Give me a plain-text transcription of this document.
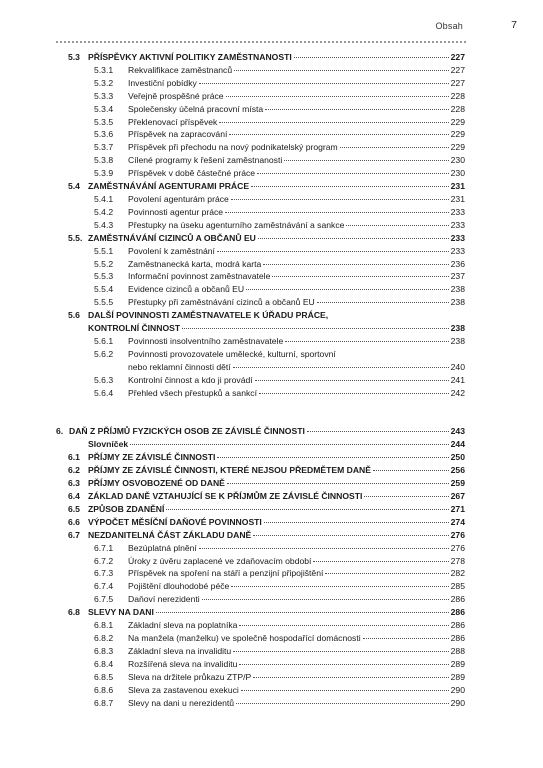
Obsah	7
5.3 PŘÍSPĚVKY AKTIVNÍ POLITIKY ZAMĚSTNANOSTI	227
5.3.1	Rekvalifikace zaměstnanců	227
5.3.2	Investiční pobídky	227
5.3.3	Veřejně prospěšné práce	228
5.3.4	Společensky účelná pracovní místa	228
5.3.5	Překlenovací příspěvek	229
5.3.6	Příspěvek na zapracování	229
5.3.7	Příspěvek při přechodu na nový podnikatelský program	229
5.3.8	Cílené programy k řešení zaměstnanosti	230
5.3.9	Příspěvek v době částečné práce	230
5.4 ZAMĚSTNÁVÁNÍ AGENTURAMI PRÁCE	231
5.4.1	Povolení agenturám práce	231
5.4.2	Povinnosti agentur práce	233
5.4.3	Přestupky na úseku agenturního zaměstnávání a sankce	233
5.5. ZAMĚSTNÁVÁNÍ CIZINCŮ A OBČANŮ EU	233
5.5.1	Povolení k zaměstnání	233
5.5.2	Zaměstnanecká karta, modrá karta	236
5.5.3	Informační povinnost zaměstnavatele	237
5.5.4	Evidence cizinců a občanů EU	238
5.5.5	Přestupky při zaměstnávání cizinců a občanů EU	238
5.6 DALŠÍ POVINNOSTI ZAMĚSTNAVATELE K ÚŘADU PRÁCE,
KONTROLNÍ ČINNOST	238
5.6.1	Povinnosti insolventního zaměstnavatele	238
5.6.2	Povinnosti provozovatele umělecké, kulturní, sportovní
nebo reklamní činnosti dětí	240
5.6.3	Kontrolní činnost a kdo ji provádí	241
5.6.4	Přehled všech přestupků a sankcí	242
6. DAŇ Z PŘÍJMŮ FYZICKÝCH OSOB ZE ZÁVISLÉ ČINNOSTI	243
Slovníček	244
6.1 PŘÍJMY ZE ZÁVISLÉ ČINNOSTI	250
6.2 PŘÍJMY ZE ZÁVISLÉ ČINNOSTI, KTERÉ NEJSOU PŘEDMĚTEM DANĚ	256
6.3 PŘÍJMY OSVOBOZENÉ OD DANĚ	259
6.4 ZÁKLAD DANĚ VZTAHUJÍCÍ SE K PŘÍJMŮM ZE ZÁVISLÉ ČINNOSTI	267
6.5 ZPŮSOB ZDANĚNÍ	271
6.6 VÝPOČET MĚSÍČNÍ DAŇOVÉ POVINNOSTI	274
6.7 NEZDANITELNÁ ČÁST ZÁKLADU DANĚ	276
6.7.1	Bezúplatná plnění	276
6.7.2	Úroky z úvěru zaplacené ve zdaňovacím období	278
6.7.3	Příspěvek na spoření na stáří a penzijní připojištění	282
6.7.4	Pojištění dlouhodobé péče	285
6.7.5	Daňoví nerezidenti	286
6.8 SLEVY NA DANI	286
6.8.1	Základní sleva na poplatníka	286
6.8.2	Na manžela (manželku) ve společně hospodařící domácnosti	286
6.8.3	Základní sleva na invaliditu	288
6.8.4	Rozšířená sleva na invaliditu	289
6.8.5	Sleva na držitele průkazu ZTP/P	289
6.8.6	Sleva za zastavenou exekuci	290
6.8.7	Slevy na dani u nerezidentů	290
